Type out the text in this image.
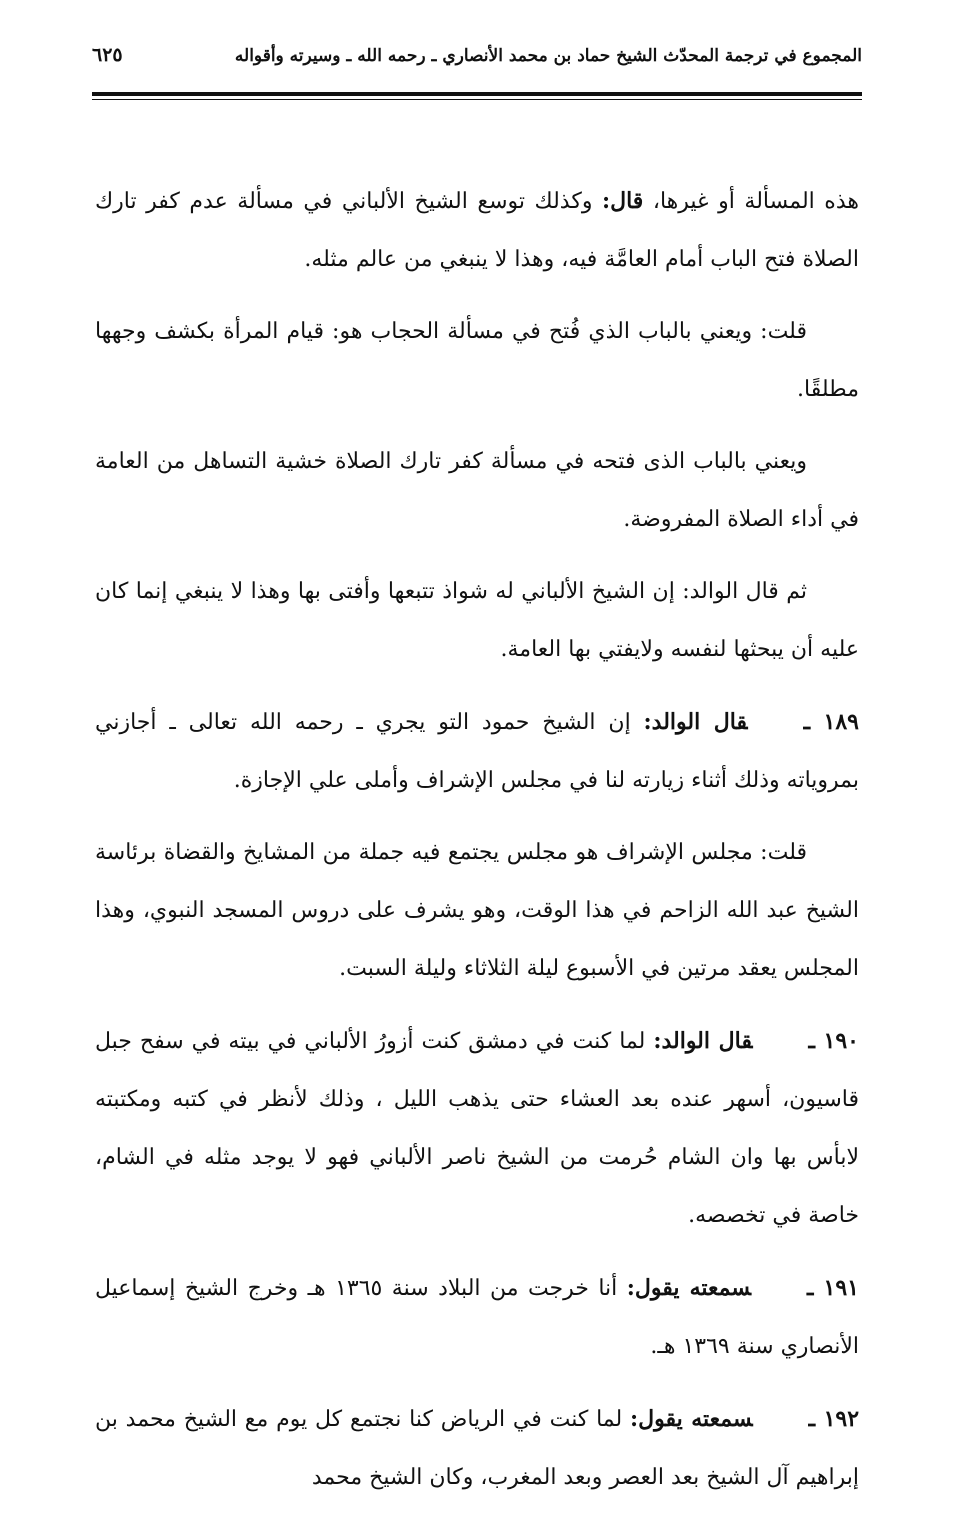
المجموع في ترجمة المحدّث الشيخ حماد بن محمد الأنصاري ـ رحمه الله ـ وسيرته وأقواله
٦٢٥

هذه المسألة أو غيرها، قال: وكذلك توسع الشيخ الألباني في مسألة عدم كفر تارك الصلاة فتح الباب أمام العامَّة فيه، وهذا لا ينبغي من عالم مثله.

قلت: ويعني بالباب الذي فُتح في مسألة الحجاب هو: قيام المرأة بكشف وجهها مطلقًا.

ويعني بالباب الذى فتحه في مسألة كفر تارك الصلاة خشية التساهل من العامة في أداء الصلاة المفروضة.

ثم قال الوالد: إن الشيخ الألباني له شواذ تتبعها وأفتى بها وهذا لا ينبغي إنما كان عليه أن يبحثها لنفسه ولايفتي بها العامة.

١٨٩ ـقال الوالد: إن الشيخ حمود التو يجري ـ رحمه الله تعالى ـ أجازني بمروياته وذلك أثناء زيارته لنا في مجلس الإشراف وأملى علي الإجازة.

قلت: مجلس الإشراف هو مجلس يجتمع فيه جملة من المشايخ والقضاة برئاسة الشيخ عبد الله الزاحم في هذا الوقت، وهو يشرف على دروس المسجد النبوي، وهذا المجلس يعقد مرتين في الأسبوع ليلة الثلاثاء وليلة السبت.

١٩٠ ـقال الوالد: لما كنت في دمشق كنت أزورُ الألباني في بيته في سفح جبل قاسيون، أسهر عنده بعد العشاء حتى يذهب الليل ، وذلك لأنظر في كتبه ومكتبته لابأس بها وان الشام حُرمت من الشيخ ناصر الألباني فهو لا يوجد مثله في الشام، خاصة في تخصصه.

١٩١ ـسمعته يقول: أنا خرجت من البلاد سنة ١٣٦٥ هـ وخرج الشيخ إسماعيل الأنصاري سنة ١٣٦٩ هـ.

١٩٢ ـسمعته يقول: لما كنت في الرياض كنا نجتمع كل يوم مع الشيخ محمد بن إبراهيم آل الشيخ بعد العصر وبعد المغرب، وكان الشيخ محمد
